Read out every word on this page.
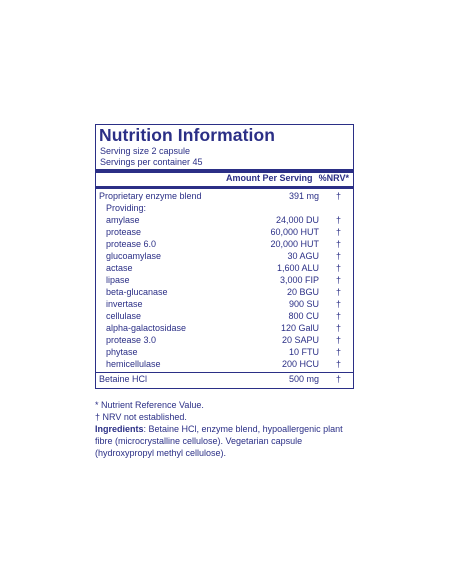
Nutrition Information
Serving size 2 capsule
Servings per container 45
Amount Per Serving %NRV*
Proprietary enzyme blend	391 mg †
Providing:
amylase	24,000 DU †
protease	60,000 HUT †
protease 6.0	20,000 HUT †
glucoamylase	30 AGU †
actase	1,600 ALU †
lipase	3,000 FIP †
beta-glucanase	20 BGU †
invertase	900 SU †
cellulase	800 CU †
alpha-galactosidase	120 GalU †
protease 3.0	20 SAPU †
phytase	10 FTU †
hemicellulase	200 HCU †
Betaine HCl	500 mg †
* Nutrient Reference Value.
† NRV not established.
Ingredients: Betaine HCl, enzyme blend, hypoallergenic plant fibre (microcrystalline cellulose). Vegetarian capsule (hydroxypropyl methyl cellulose).
